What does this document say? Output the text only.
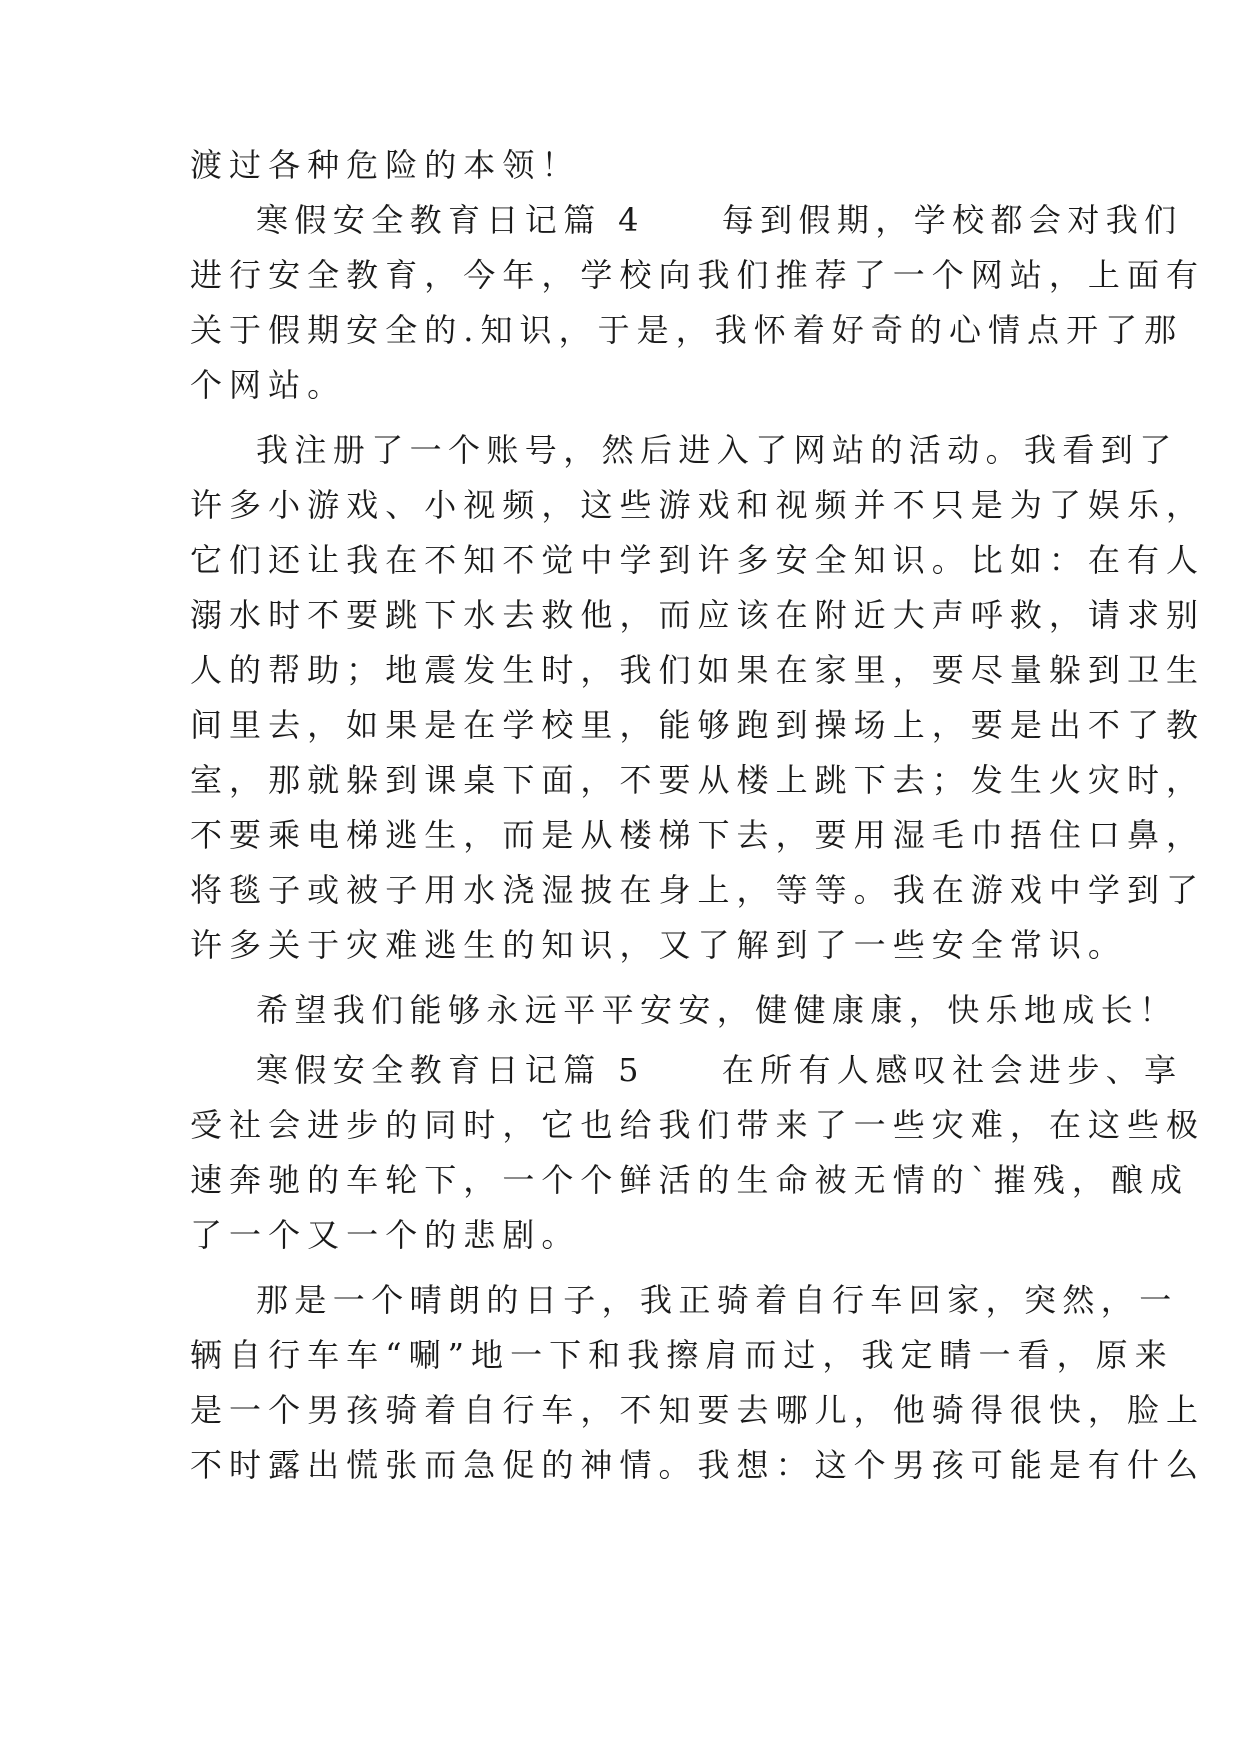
渡过各种危险的本领！
寒假安全教育日记篇 4　　每到假期，学校都会对我们
进行安全教育，今年，学校向我们推荐了一个网站，上面有
关于假期安全的.知识，于是，我怀着好奇的心情点开了那
个网站。
我注册了一个账号，然后进入了网站的活动。我看到了
许多小游戏、小视频，这些游戏和视频并不只是为了娱乐，
它们还让我在不知不觉中学到许多安全知识。比如：在有人
溺水时不要跳下水去救他，而应该在附近大声呼救，请求别
人的帮助；地震发生时，我们如果在家里，要尽量躲到卫生
间里去，如果是在学校里，能够跑到操场上，要是出不了教
室，那就躲到课桌下面，不要从楼上跳下去；发生火灾时，
不要乘电梯逃生，而是从楼梯下去，要用湿毛巾捂住口鼻，
将毯子或被子用水浇湿披在身上，等等。我在游戏中学到了
许多关于灾难逃生的知识，又了解到了一些安全常识。
希望我们能够永远平平安安，健健康康，快乐地成长！
寒假安全教育日记篇 5　　在所有人感叹社会进步、享
受社会进步的同时，它也给我们带来了一些灾难，在这些极
速奔驰的车轮下，一个个鲜活的生命被无情的`摧残，酿成
了一个又一个的悲剧。
那是一个晴朗的日子，我正骑着自行车回家，突然，一
辆自行车车“唰”地一下和我擦肩而过，我定睛一看，原来
是一个男孩骑着自行车，不知要去哪儿，他骑得很快，脸上
不时露出慌张而急促的神情。我想：这个男孩可能是有什么
